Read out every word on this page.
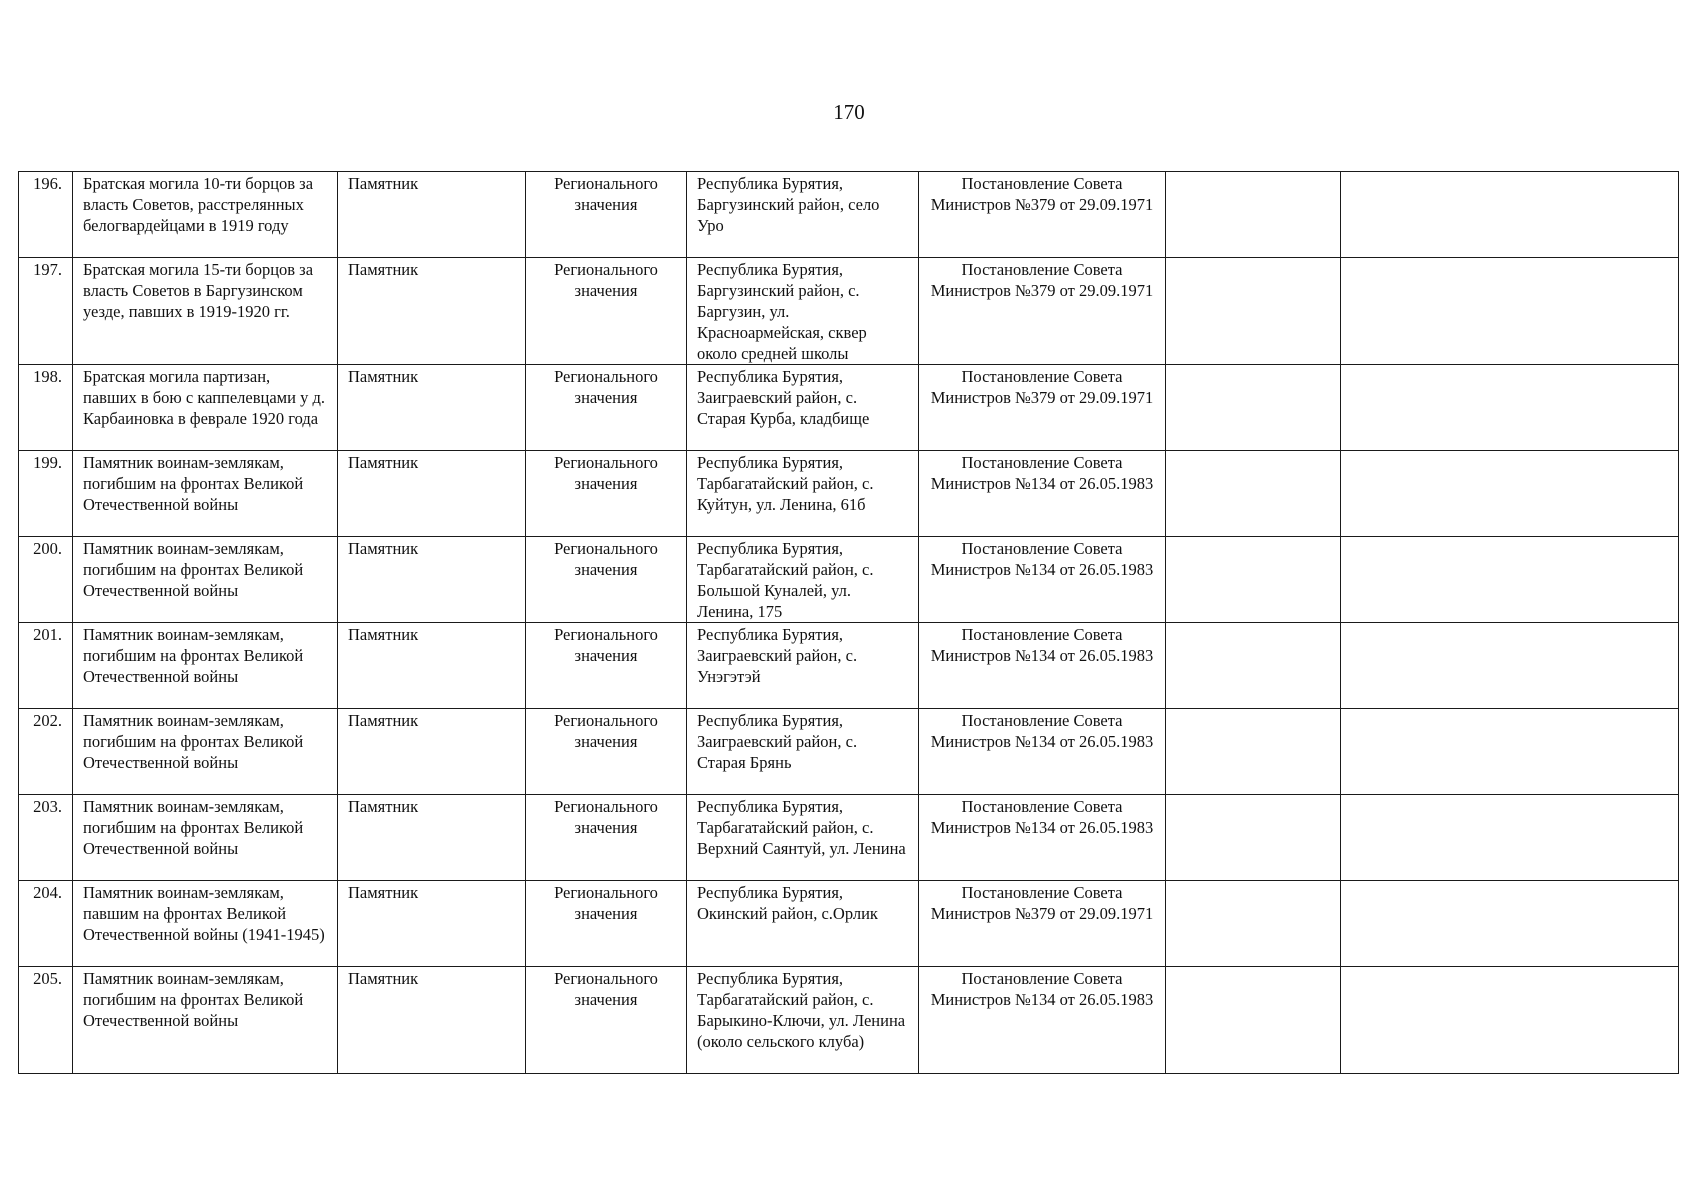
170
196.	Братская могила 10-ти борцов за власть Советов, расстрелянных белогвардейцами в 1919 году	Памятник	Регионального значения	Республика Бурятия, Баргузинский район, село Уро	Постановление Совета Министров №379 от 29.09.1971		
197.	Братская могила 15-ти борцов за власть Советов в Баргузинском уезде, павших в 1919-1920 гг.	Памятник	Регионального значения	Республика Бурятия, Баргузинский район, с. Баргузин, ул. Красноармейская, сквер около средней школы	Постановление Совета Министров №379 от 29.09.1971		
198.	Братская могила партизан, павших в бою с каппелевцами у д. Карбаиновка в феврале 1920 года	Памятник	Регионального значения	Республика Бурятия, Заиграевский район, с. Старая Курба, кладбище	Постановление Совета Министров №379 от 29.09.1971		
199.	Памятник воинам-землякам, погибшим на фронтах Великой Отечественной войны	Памятник	Регионального значения	Республика Бурятия, Тарбагатайский район, с. Куйтун, ул. Ленина, 61б	Постановление Совета Министров №134 от 26.05.1983		
200.	Памятник воинам-землякам, погибшим на фронтах Великой Отечественной войны	Памятник	Регионального значения	Республика Бурятия, Тарбагатайский район, с. Большой Куналей, ул. Ленина, 175	Постановление Совета Министров №134 от 26.05.1983		
201.	Памятник воинам-землякам, погибшим на фронтах Великой Отечественной войны	Памятник	Регионального значения	Республика Бурятия, Заиграевский район, с. Унэгэтэй	Постановление Совета Министров №134 от 26.05.1983		
202.	Памятник воинам-землякам, погибшим на фронтах Великой Отечественной войны	Памятник	Регионального значения	Республика Бурятия, Заиграевский район, с. Старая Брянь	Постановление Совета Министров №134 от 26.05.1983		
203.	Памятник воинам-землякам, погибшим на фронтах Великой Отечественной войны	Памятник	Регионального значения	Республика Бурятия, Тарбагатайский район, с. Верхний Саянтуй, ул. Ленина	Постановление Совета Министров №134 от 26.05.1983		
204.	Памятник воинам-землякам, павшим на фронтах Великой Отечественной войны (1941-1945)	Памятник	Регионального значения	Республика Бурятия, Окинский район, с.Орлик	Постановление Совета Министров №379 от 29.09.1971		
205.	Памятник воинам-землякам, погибшим на фронтах Великой Отечественной войны	Памятник	Регионального значения	Республика Бурятия, Тарбагатайский район, с. Барыкино-Ключи, ул. Ленина (около сельского клуба)	Постановление Совета Министров №134 от 26.05.1983		
